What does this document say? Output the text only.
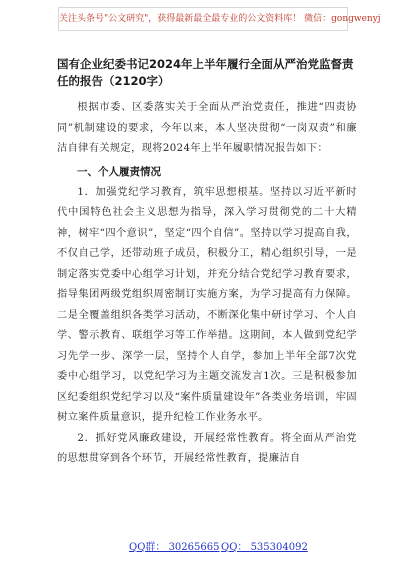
关注头条号"公文研究"，获得最新最全最专业的公文资料库！ 微信：gongwenyj
国有企业纪委书记2024年上半年履行全面从严治党监督责任的报告（2120字）

根据市委、区委落实关于全面从严治党责任，推进“四责协同”机制建设的要求，今年以来，本人坚决贯彻“一岗双责”和廉洁自律有关规定，现将2024年上半年履职情况报告如下：

一、个人履责情况

1．加强党纪学习教育，筑牢思想根基。坚持以习近平新时代中国特色社会主义思想为指导，深入学习贯彻党的二十大精神，树牢“四个意识”，坚定“四个自信”。坚持以学习提高自我，不仅自己学，还带动班子成员，积极分工，精心组织引导，一是制定落实党委中心组学习计划，并充分结合党纪学习教育要求，指导集团两级党组织周密制订实施方案，为学习提高有力保障。二是全覆盖组织各类学习活动，不断深化集中研讨学习、个人自学、警示教育、联组学习等工作举措。这期间，本人做到党纪学习先学一步、深学一层，坚持个人自学，参加上半年全部7次党委中心组学习，以党纪学习为主题交流发言1次。三是积极参加区纪委组织党纪学习以及“案件质量建设年”各类业务培训，牢固树立案件质量意识，提升纪检工作业务水平。

2．抓好党风廉政建设，开展经常性教育。将全面从严治党的思想贯穿到各个环节，开展经常性教育，提廉洁自

QQ群： 30265665 QQ： 535304092
